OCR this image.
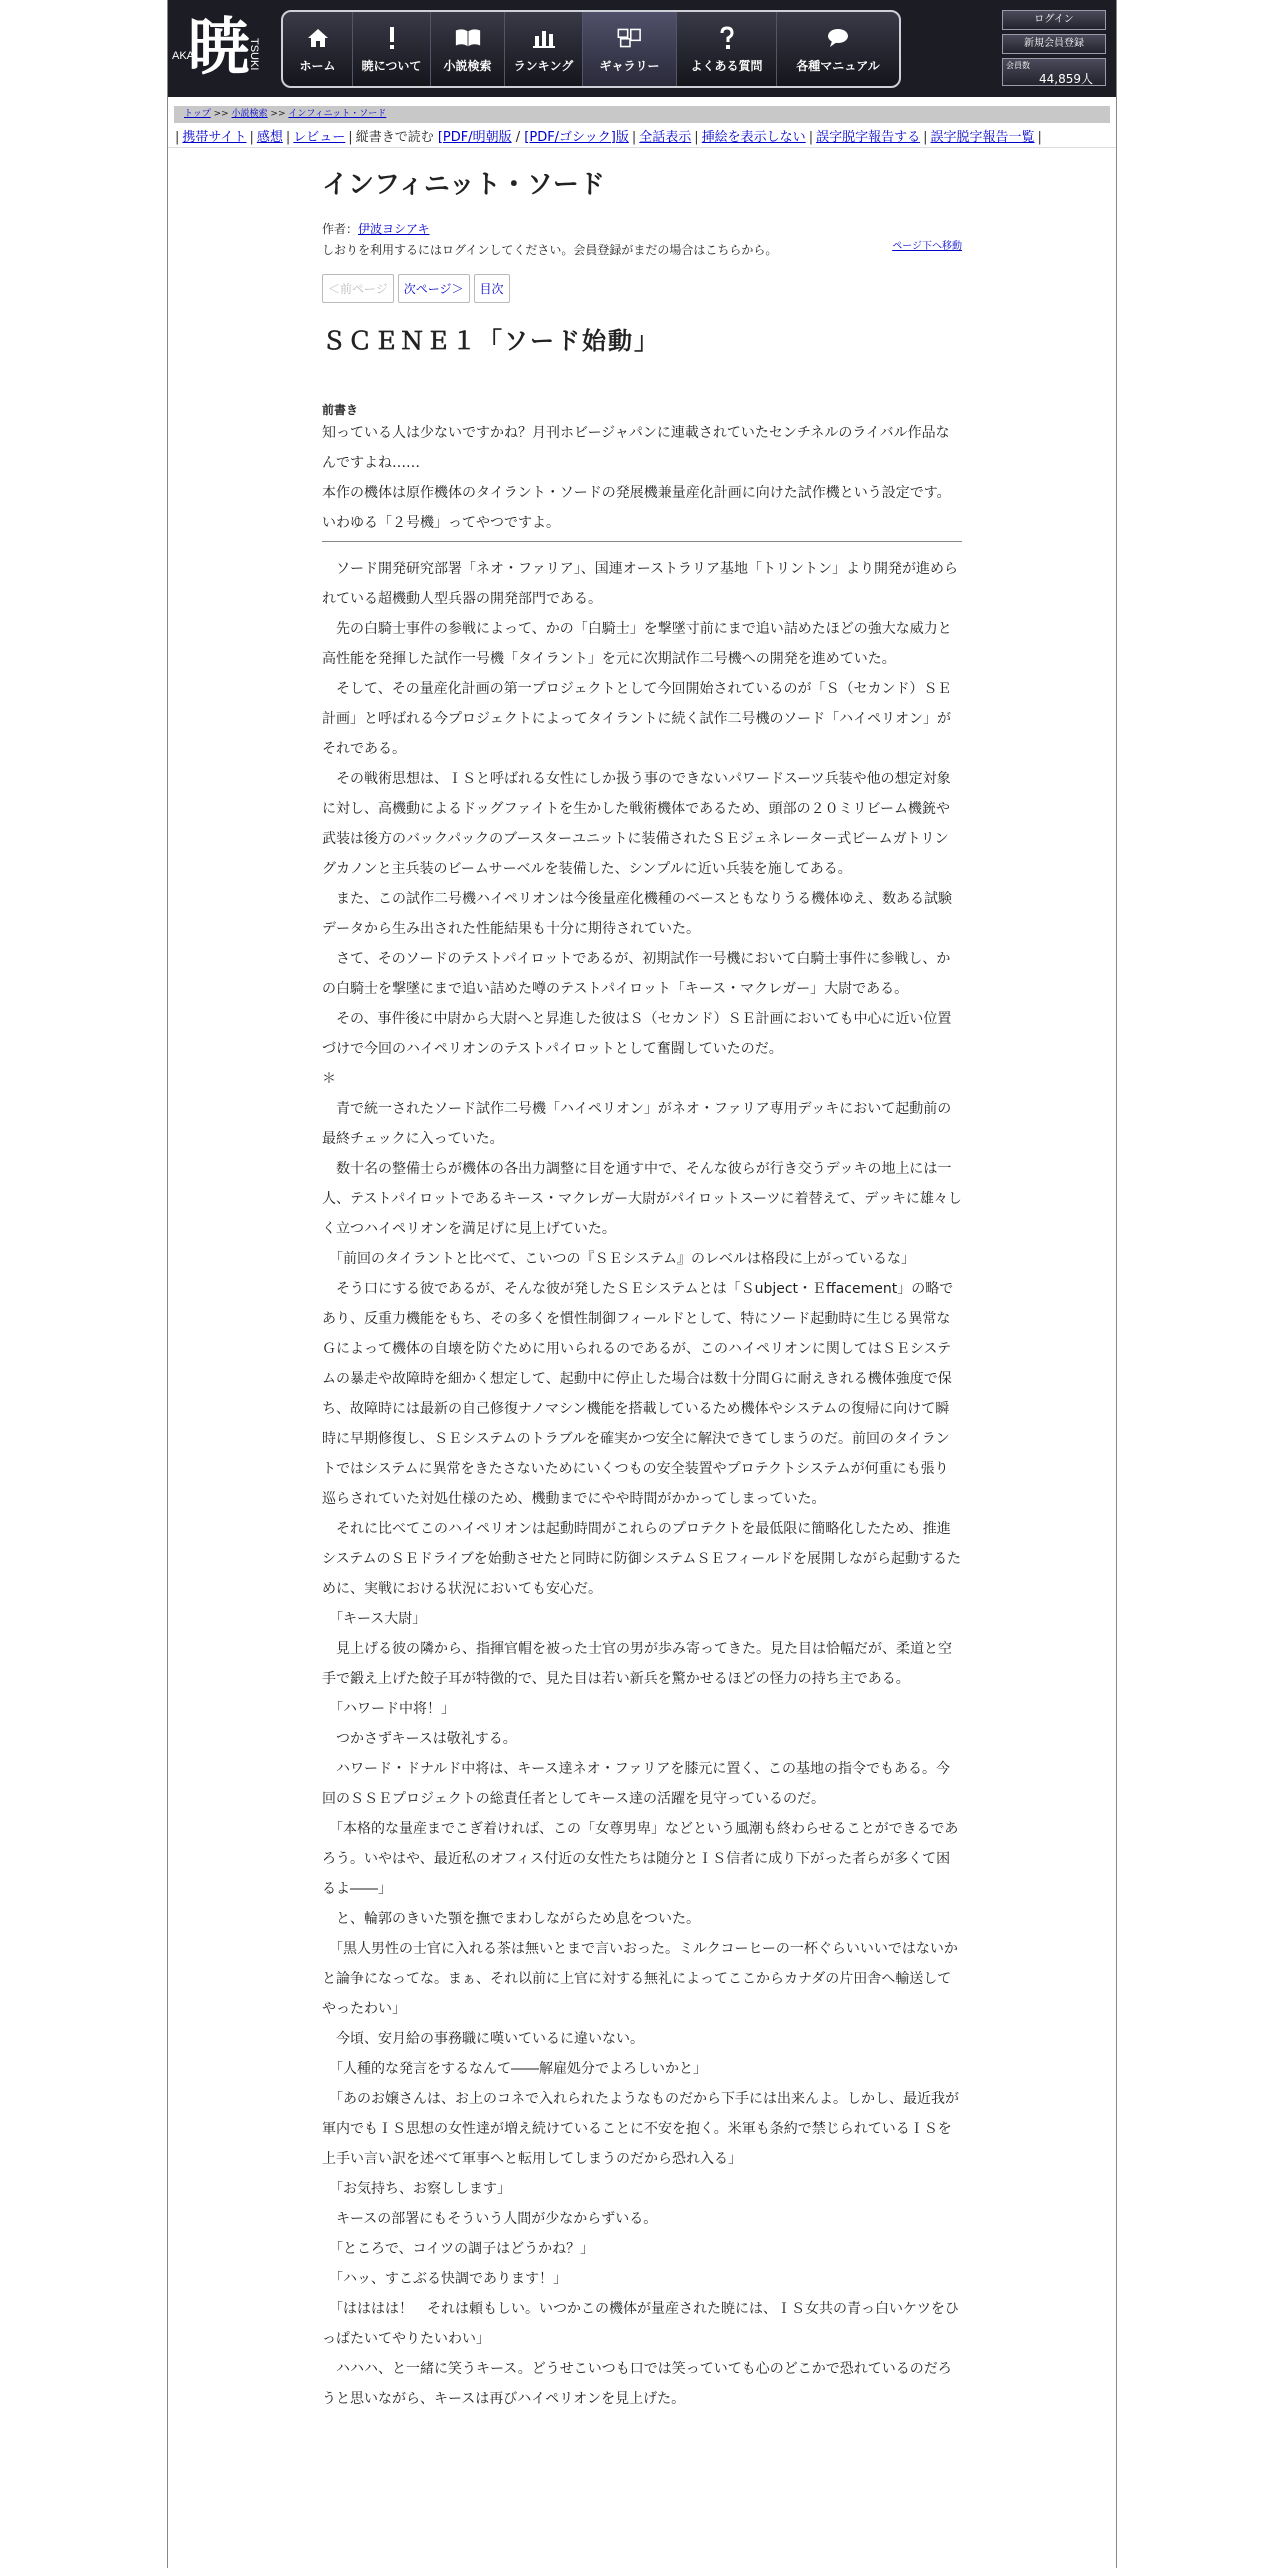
AKA
暁
TSUKI	ホーム 暁について 小説検索 ランキング ギャラリー	よくある質問	各種マニュアル
ログイン
新規会員登録
会員数
44,859人
トップ >> 小説検索 >> インフィニット・ソード
| 携帯サイト | 感想 | レビュー | 縦書きで読む [PDF/明朝版 / [PDF/ゴシック]版 | 全話表示 | 挿絵を表示しない | 誤字脱字報告する | 誤字脱字報告一覧 |
インフィニット・ソード
作者：伊波ヨシアキ
しおりを利用するにはログインしてください。会員登録がまだの場合はこちらから。	ページ下へ移動
＜前ページ	次ページ＞	目次
ＳＣＥＮＥ１「ソード始動」
前書き

知っている人は少ないですかね？月刊ホビージャパンに連載されていたセンチネルのライバル作品なんですよね……

本作の機体は原作機体のタイラント・ソードの発展機兼量産化計画に向けた試作機という設定です。

いわゆる「２号機」ってやつですよ。

　ソード開発研究部署「ネオ・ファリア」、国連オーストラリア基地「トリントン」より開発が進められている超機動人型兵器の開発部門である。

　先の白騎士事件の参戦によって、かの「白騎士」を撃墜寸前にまで追い詰めたほどの強大な威力と高性能を発揮した試作一号機「タイラント」を元に次期試作二号機への開発を進めていた。

　そして、その量産化計画の第一プロジェクトとして今回開始されているのが「Ｓ（セカンド）ＳＥ計画」と呼ばれる今プロジェクトによってタイラントに続く試作二号機のソード「ハイペリオン」がそれである。

　その戦術思想は、ＩＳと呼ばれる女性にしか扱う事のできないパワードスーツ兵装や他の想定対象に対し、高機動によるドッグファイトを生かした戦術機体であるため、頭部の２０ミリビーム機銃や武装は後方のバックパックのブースターユニットに装備されたＳＥジェネレーター式ビームガトリングカノンと主兵装のビームサーベルを装備した、シンプルに近い兵装を施してある。

　また、この試作二号機ハイペリオンは今後量産化機種のベースともなりうる機体ゆえ、数ある試験データから生み出された性能結果も十分に期待されていた。

　さて、そのソードのテストパイロットであるが、初期試作一号機において白騎士事件に参戦し、かの白騎士を撃墜にまで追い詰めた噂のテストパイロット「キース・マクレガー」大尉である。

　その、事件後に中尉から大尉へと昇進した彼はＳ（セカンド）ＳＥ計画においても中心に近い位置づけで今回のハイペリオンのテストパイロットとして奮闘していたのだ。

＊

　青で統一されたソード試作二号機「ハイペリオン」がネオ・ファリア専用デッキにおいて起動前の最終チェックに入っていた。

　数十名の整備士らが機体の各出力調整に目を通す中で、そんな彼らが行き交うデッキの地上には一人、テストパイロットであるキース・マクレガー大尉がパイロットスーツに着替えて、デッキに雄々しく立つハイペリオンを満足げに見上げていた。

　「前回のタイラントと比べて、こいつの『ＳＥシステム』のレベルは格段に上がっているな」

　そう口にする彼であるが、そんな彼が発したＳＥシステムとは「Ｓubject・Ｅffacement」の略であり、反重力機能をもち、その多くを慣性制御フィールドとして、特にソード起動時に生じる異常なＧによって機体の自壊を防ぐために用いられるのであるが、このハイペリオンに関してはＳＥシステムの暴走や故障時を細かく想定して、起動中に停止した場合は数十分間Ｇに耐えきれる機体強度で保ち、故障時には最新の自己修復ナノマシン機能を搭載しているため機体やシステムの復帰に向けて瞬時に早期修復し、ＳＥシステムのトラブルを確実かつ安全に解決できてしまうのだ。前回のタイラントではシステムに異常をきたさないためにいくつもの安全装置やプロテクトシステムが何重にも張り巡らされていた対処仕様のため、機動までにやや時間がかかってしまっていた。

　それに比べてこのハイペリオンは起動時間がこれらのプロテクトを最低限に簡略化したため、推進システムのＳＥドライブを始動させたと同時に防御システムＳＥフィールドを展開しながら起動するために、実戦における状況においても安心だ。

　「キース大尉」

　見上げる彼の隣から、指揮官帽を被った士官の男が歩み寄ってきた。見た目は恰幅だが、柔道と空手で鍛え上げた餃子耳が特徴的で、見た目は若い新兵を驚かせるほどの怪力の持ち主である。

　「ハワード中将！」

　つかさずキースは敬礼する。

　ハワード・ドナルド中将は、キース達ネオ・ファリアを膝元に置く、この基地の指令でもある。今回のＳＳＥプロジェクトの総責任者としてキース達の活躍を見守っているのだ。

　「本格的な量産までこぎ着ければ、この「女尊男卑」などという風潮も終わらせることができるであろう。いやはや、最近私のオフィス付近の女性たちは随分とＩＳ信者に成り下がった者らが多くて困るよ――」

　と、輪郭のきいた顎を撫でまわしながらため息をついた。

　「黒人男性の士官に入れる茶は無いとまで言いおった。ミルクコーヒーの一杯ぐらいいいではないかと論争になってな。まぁ、それ以前に上官に対する無礼によってここからカナダの片田舎へ輸送してやったわい」

　今頃、安月給の事務職に嘆いているに違いない。

　「人種的な発言をするなんて――解雇処分でよろしいかと」

　「あのお嬢さんは、お上のコネで入れられたようなものだから下手には出来んよ。しかし、最近我が軍内でもＩＳ思想の女性達が増え続けていることに不安を抱く。米軍も条約で禁じられているＩＳを上手い言い訳を述べて軍事へと転用してしまうのだから恐れ入る」

　「お気持ち、お察しします」

　キースの部署にもそういう人間が少なからずいる。

　「ところで、コイツの調子はどうかね？」

　「ハッ、すこぶる快調であります！」

　「はははは！　それは頼もしい。いつかこの機体が量産された暁には、ＩＳ女共の青っ白いケツをひっぱたいてやりたいわい」

　ハハハ、と一緒に笑うキース。どうせこいつも口では笑っていても心のどこかで恐れているのだろうと思いながら、キースは再びハイペリオンを見上げた。
